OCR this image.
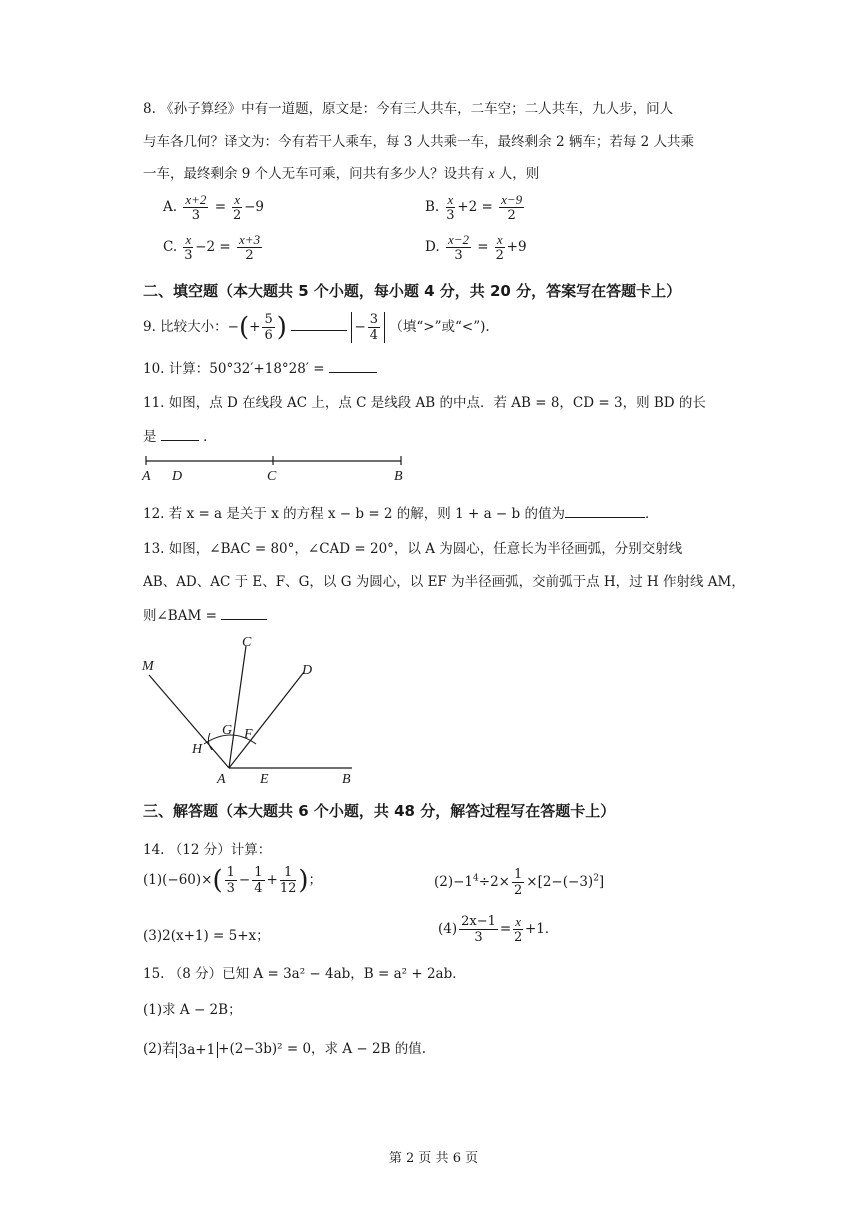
8. 《孙子算经》中有一道题，原文是：今有三人共车，二车空；二人共车，九人步，问人
与车各几何？译文为：今有若干人乘车，每 3 人共乘一车，最终剩余 2 辆车；若每 2 人共乘
一车，最终剩余 9 个人无车可乘，问共有多少人？设共有 x 人，则
A. $\frac{x+2}{3} = \frac{x}{2} -9$	B. $\frac{x}{3} +2 = \frac{x-9}{2}$
C. $\frac{x}{3} -2 = \frac{x+3}{2}$	D. $\frac{x-2}{3} = \frac{x}{2} +9$
二、填空题（本大题共 5 个小题，每小题 4 分，共 20 分，答案写在答题卡上）
9. 比较大小：−(+ $\frac{5}{6}$ )	− $\frac{3}{4}$ （填“>”或“<”).
10. 计算：50°32′+18°28′ =
11. 如图，点 D 在线段 AC 上，点 C 是线段 AB 的中点．若 AB = 8，CD = 3，则 BD 的长
是	．
A D	C	B
12. 若 x = a 是关于 x 的方程 x − b = 2 的解，则 1 + a − b 的值为	．
13. 如图，∠BAC = 80°，∠CAD = 20°，以 A 为圆心，任意长为半径画弧，分别交射线
AB、AD、AC 于 E、F、G，以 G 为圆心，以 EF 为半径画弧，交前弧于点 H，过 H 作射线 AM，
则∠BAM =
M
C
D
G F
H
A E	B
三、解答题（本大题共 6 个小题，共 48 分，解答过程写在答题卡上）
14. （12 分）计算：
$(1)(-60)\times( \frac{1}{3} - \frac{1}{4} + \frac{1}{12}$ )；	$(2)-1^4\div 2\times \frac{1}{2} \times[2-(-3)^2]$
(3)2(x+1) = 5+x；	$(4) \frac{2x-1}{3} = \frac{x}{2} +1$．
15. （8 分）已知 A = 3a² − 4ab，B = a² + 2ab．
(1)求 A − 2B；
(2)若 3a+1 +(2−3b)² = 0，求 A − 2B 的值.
第 2 页 共 6 页
